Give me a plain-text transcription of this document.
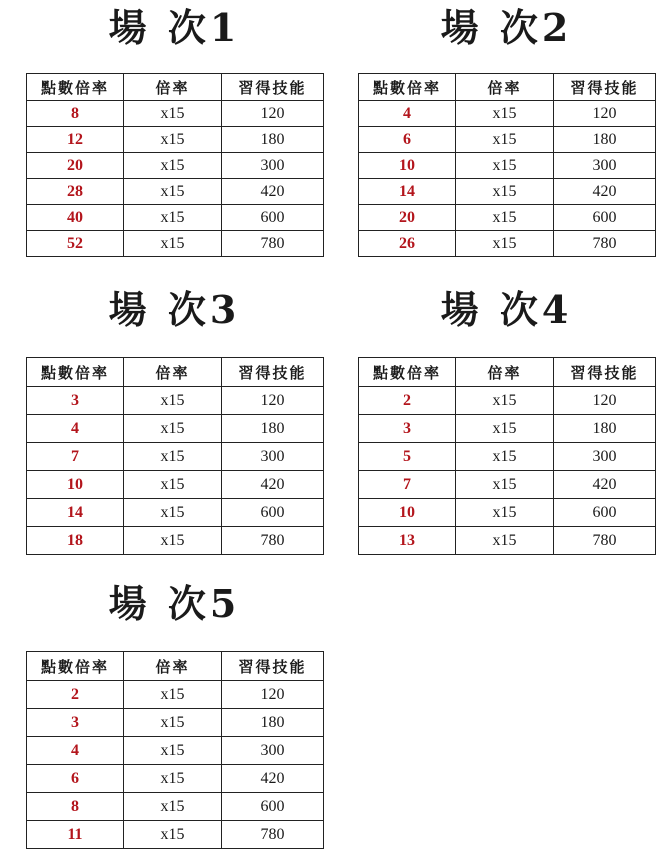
場 次1
點數倍率	倍率	習得技能
8	x15	120
12	x15	180
20	x15	300
28	x15	420
40	x15	600
52	x15	780
場 次2
點數倍率	倍率	習得技能
4	x15	120
6	x15	180
10	x15	300
14	x15	420
20	x15	600
26	x15	780
場 次3
點數倍率	倍率	習得技能
3	x15	120
4	x15	180
7	x15	300
10	x15	420
14	x15	600
18	x15	780
場 次4
點數倍率	倍率	習得技能
2	x15	120
3	x15	180
5	x15	300
7	x15	420
10	x15	600
13	x15	780
場 次5
點數倍率	倍率	習得技能
2	x15	120
3	x15	180
4	x15	300
6	x15	420
8	x15	600
11	x15	780
